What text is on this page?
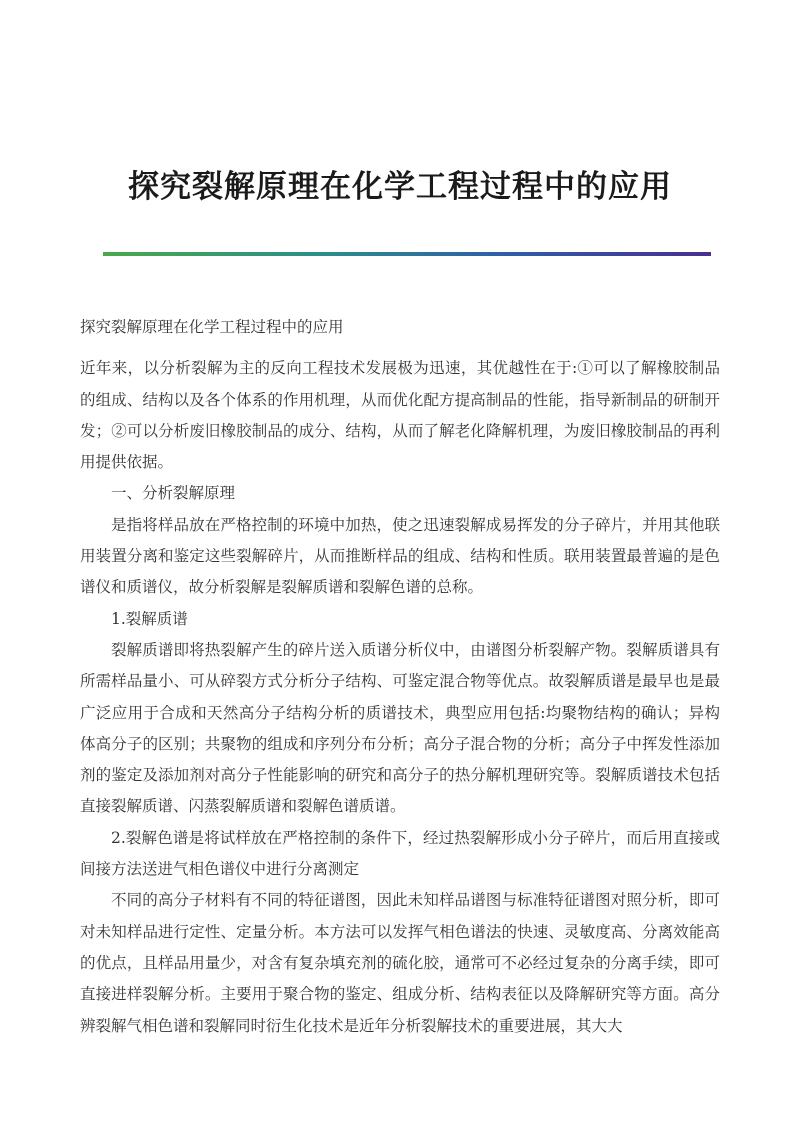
探究裂解原理在化学工程过程中的应用

探究裂解原理在化学工程过程中的应用

近年来，以分析裂解为主的反向工程技术发展极为迅速，其优越性在于:①可以了解橡胶制品的组成、结构以及各个体系的作用机理，从而优化配方提高制品的性能，指导新制品的研制开发；②可以分析废旧橡胶制品的成分、结构，从而了解老化降解机理，为废旧橡胶制品的再利用提供依据。

一、分析裂解原理

是指将样品放在严格控制的环境中加热，使之迅速裂解成易挥发的分子碎片，并用其他联用装置分离和鉴定这些裂解碎片，从而推断样品的组成、结构和性质。联用装置最普遍的是色谱仪和质谱仪，故分析裂解是裂解质谱和裂解色谱的总称。

1.裂解质谱

裂解质谱即将热裂解产生的碎片送入质谱分析仪中，由谱图分析裂解产物。裂解质谱具有所需样品量小、可从碎裂方式分析分子结构、可鉴定混合物等优点。故裂解质谱是最早也是最广泛应用于合成和天然高分子结构分析的质谱技术，典型应用包括:均聚物结构的确认；异构体高分子的区别；共聚物的组成和序列分布分析；高分子混合物的分析；高分子中挥发性添加剂的鉴定及添加剂对高分子性能影响的研究和高分子的热分解机理研究等。裂解质谱技术包括直接裂解质谱、闪蒸裂解质谱和裂解色谱质谱。

2.裂解色谱是将试样放在严格控制的条件下，经过热裂解形成小分子碎片，而后用直接或间接方法送进气相色谱仪中进行分离测定

不同的高分子材料有不同的特征谱图，因此未知样品谱图与标准特征谱图对照分析，即可对未知样品进行定性、定量分析。本方法可以发挥气相色谱法的快速、灵敏度高、分离效能高的优点，且样品用量少，对含有复杂填充剂的硫化胶，通常可不必经过复杂的分离手续，即可直接进样裂解分析。主要用于聚合物的鉴定、组成分析、结构表征以及降解研究等方面。高分辨裂解气相色谱和裂解同时衍生化技术是近年分析裂解技术的重要进展，其大大
